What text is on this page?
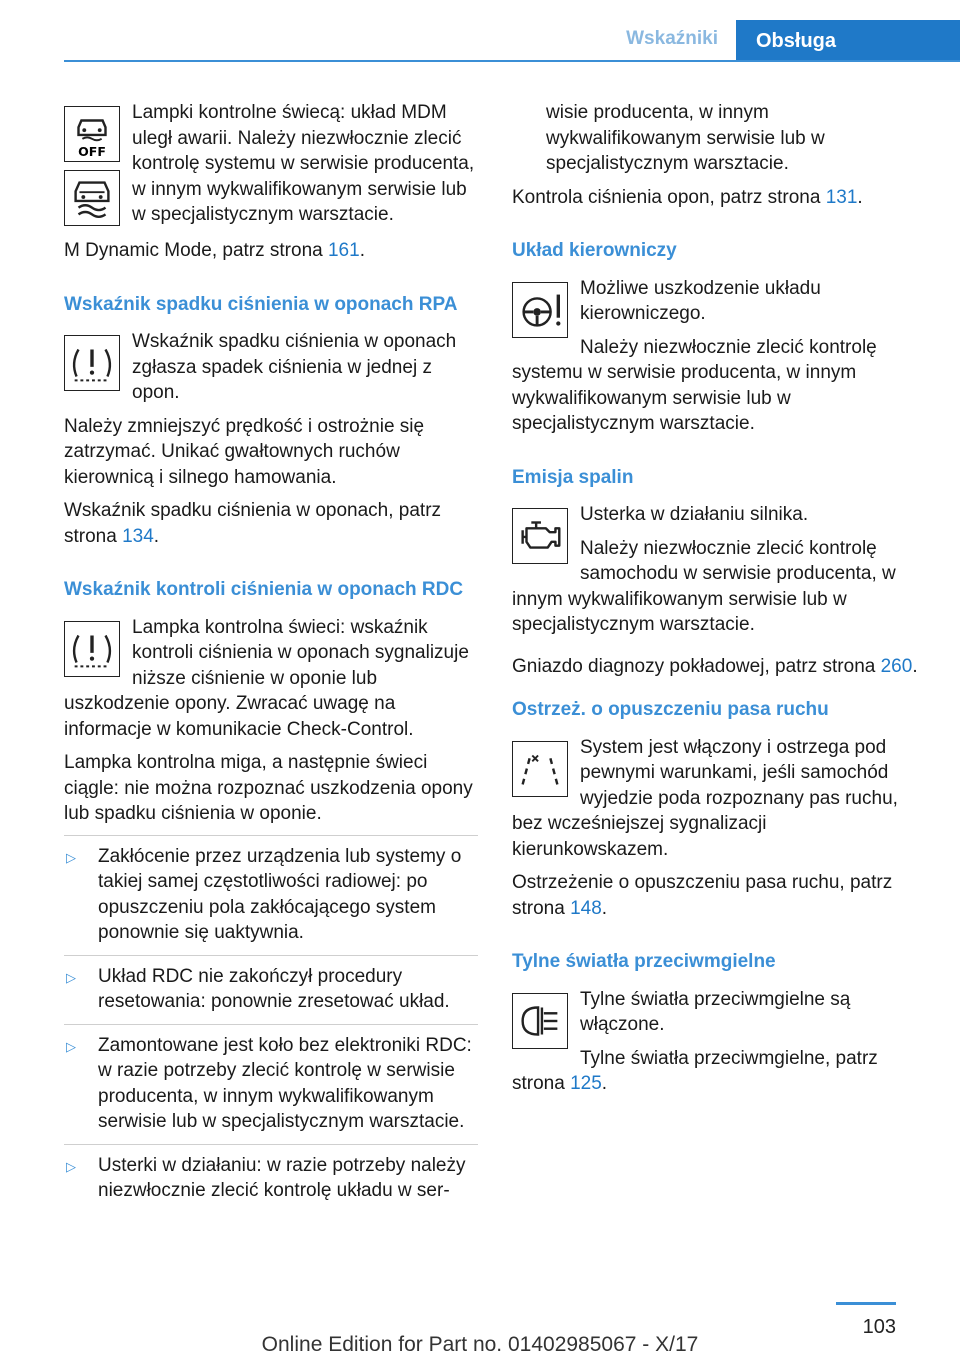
Wskaźniki	Obsługa
OFF

Lampki kontrolne świecą: układ MDM uległ awarii. Należy niezwłocznie zlecić kontrolę systemu w serwisie producenta, w innym wykwalifikowanym serwisie lub w specjalistycznym warsztacie.

M Dynamic Mode, patrz strona 161.

Wskaźnik spadku ciśnienia w oponach RPA

Wskaźnik spadku ciśnienia w oponach zgłasza spadek ciśnienia w jednej z opon.

Należy zmniejszyć prędkość i ostrożnie się zatrzymać. Unikać gwałtownych ruchów kierownicą i silnego hamowania.

Wskaźnik spadku ciśnienia w oponach, patrz strona 134.

Wskaźnik kontroli ciśnienia w oponach RDC

Lampka kontrolna świeci: wskaźnik kontroli ciśnienia w oponach sygnalizuje niższe ciśnienie w oponie lub uszkodzenie opony. Zwracać uwagę na informacje w komunikacie Check-Control.

Lampka kontrolna miga, a następnie świeci ciągle: nie można rozpoznać uszkodzenia opony lub spadku ciśnienia w oponie.

▷ Zakłócenie przez urządzenia lub systemy o takiej samej częstotliwości radiowej: po opuszczeniu pola zakłócającego system ponownie się uaktywnia.
▷ Układ RDC nie zakończył procedury resetowania: ponownie zresetować układ.
▷ Zamontowane jest koło bez elektroniki RDC: w razie potrzeby zlecić kontrolę w serwisie producenta, w innym wykwalifikowanym serwisie lub w specjalistycznym warsztacie.
▷ Usterki w działaniu: w razie potrzeby należy niezwłocznie zlecić kontrolę układu w ser-

wisie producenta, w innym wykwalifikowanym serwisie lub w specjalistycznym warsztacie.

Kontrola ciśnienia opon, patrz strona 131.

Układ kierowniczy

Możliwe uszkodzenie układu kierowniczego.

Należy niezwłocznie zlecić kontrolę systemu w serwisie producenta, w innym wykwalifikowanym serwisie lub w specjalistycznym warsztacie.

Emisja spalin

Usterka w działaniu silnika.

Należy niezwłocznie zlecić kontrolę samochodu w serwisie producenta, w innym wykwalifikowanym serwisie lub w specjalistycznym warsztacie.

Gniazdo diagnozy pokładowej, patrz strona 260.

Ostrzeż. o opuszczeniu pasa ruchu

System jest włączony i ostrzega pod pewnymi warunkami, jeśli samochód wyjedzie poda rozpoznany pas ruchu, bez wcześniejszej sygnalizacji kierunkowskazem.

Ostrzeżenie o opuszczeniu pasa ruchu, patrz strona 148.

Tylne światła przeciwmgielne

Tylne światła przeciwmgielne są włączone.

Tylne światła przeciwmgielne, patrz strona 125.

103
Online Edition for Part no. 01402985067 - X/17
